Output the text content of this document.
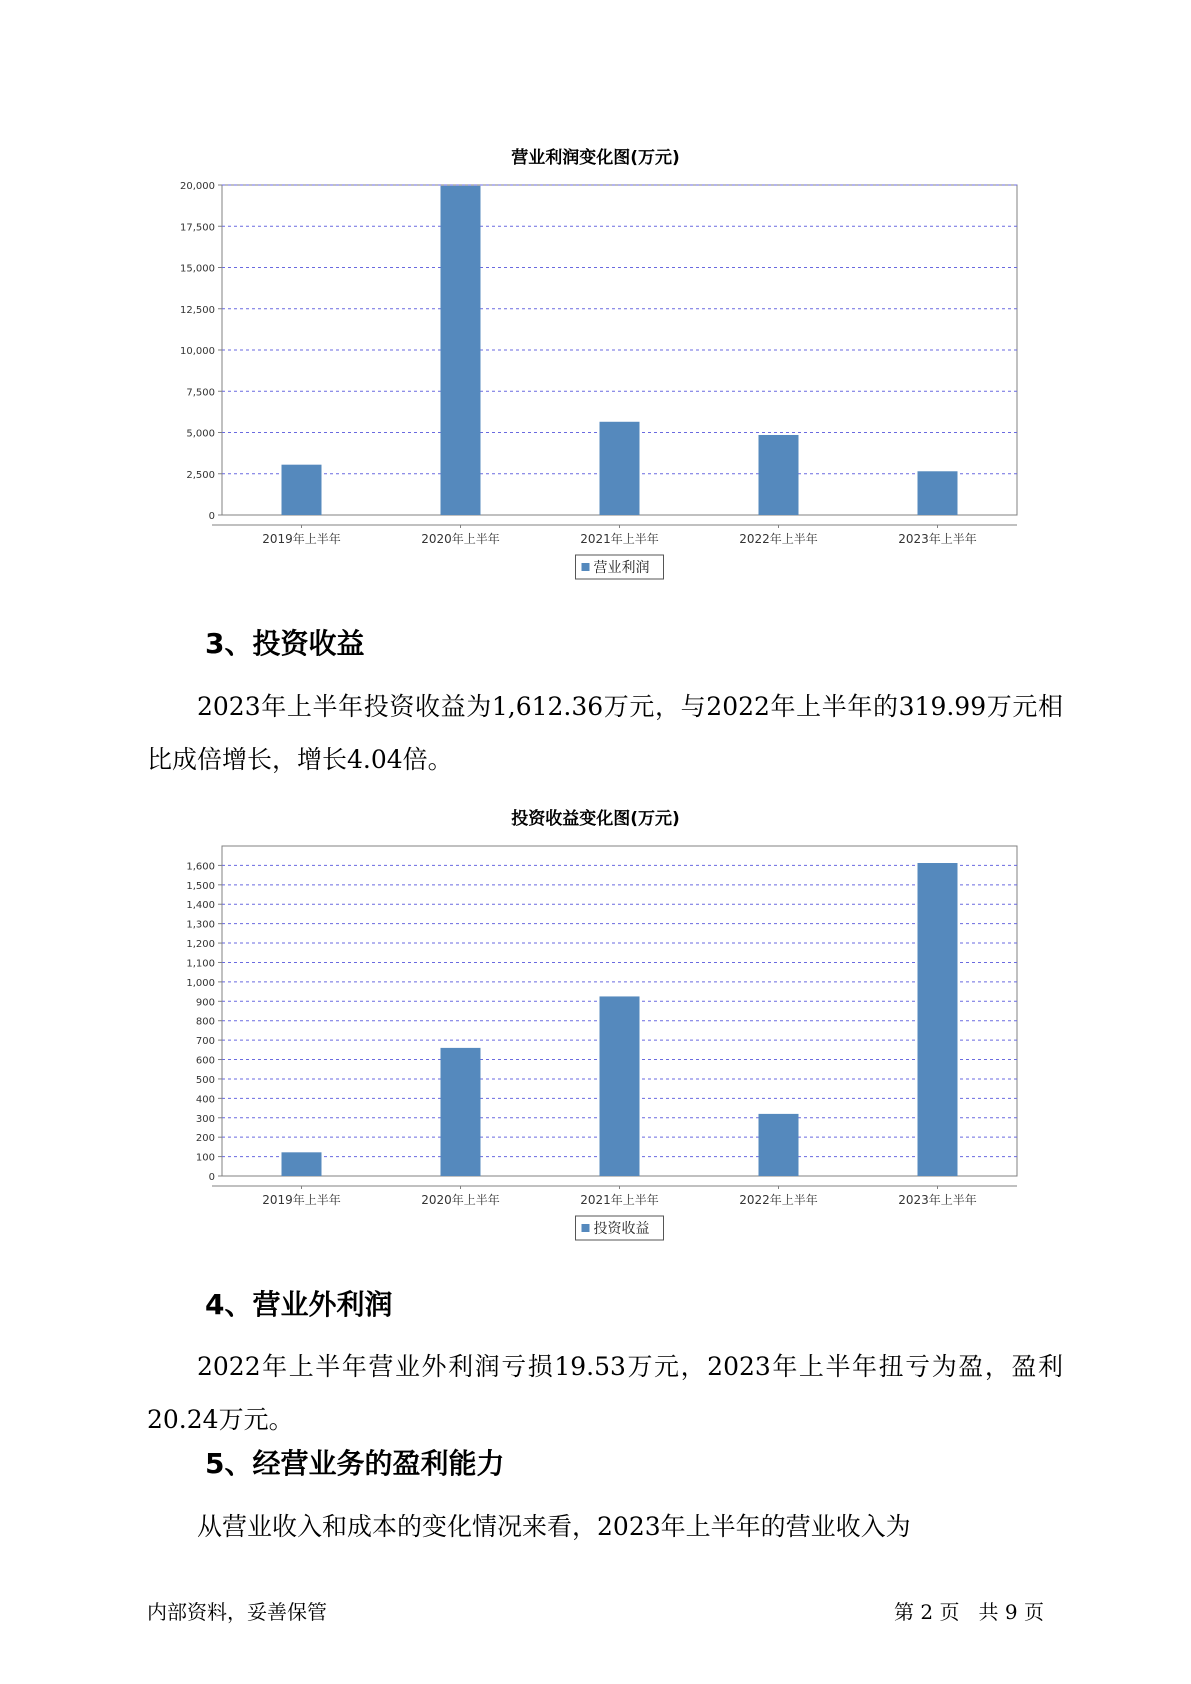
营业利润变化图(万元)
0
2,500
5,000
7,500
10,000
12,500
15,000
17,500
20,000
2019年上半年	2020年上半年	2021年上半年	2022年上半年	2023年上半年
营业利润
3、投资收益
2023年上半年投资收益为1,612.36万元，与2022年上半年的319.99万元相比成倍增长，增长4.04倍。
投资收益变化图(万元)
0
100
200
300
400
500
600
700
800
900
1,000
1,100
1,200
1,300
1,400
1,500
1,600
2019年上半年	2020年上半年	2021年上半年	2022年上半年	2023年上半年
投资收益
4、营业外利润
2022年上半年营业外利润亏损19.53万元，2023年上半年扭亏为盈，盈利20.24万元。
5、经营业务的盈利能力
从营业收入和成本的变化情况来看，2023年上半年的营业收入为
内部资料，妥善保管	第 2 页   共 9 页
